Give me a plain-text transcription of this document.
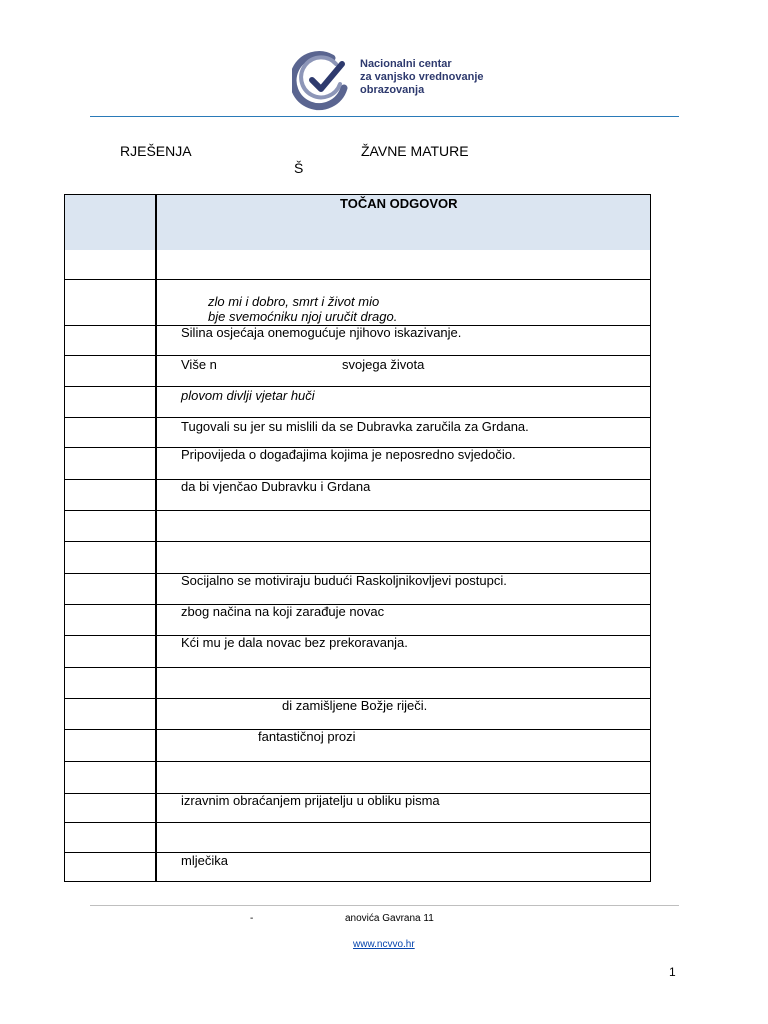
Nacionalni centar
za vanjsko vrednovanje
obrazovanja
RJEŠENJA	ŽAVNE MATURE
Š
TOČAN ODGOVOR
zlo mi i dobro, smrt i život mio
bje svemoćniku njoj uručit drago.
Silina osjećaja onemogućuje njihovo iskazivanje.
Više n	svojega života
plovom divlji vjetar huči
Tugovali su jer su mislili da se Dubravka zaručila za Grdana.
Pripovijeda o događajima kojima je neposredno svjedočio.
da bi vjenčao Dubravku i Grdana
Socijalno se motiviraju budući Raskoljnikovljevi postupci.
zbog načina na koji zarađuje novac
Kći mu je dala novac bez prekoravanja.
di zamišljene Božje riječi.
fantastičnoj prozi
izravnim obraćanjem prijatelju u obliku pisma
mlječika
-	anovića Gavrana 11
www.ncvvo.hr
1
